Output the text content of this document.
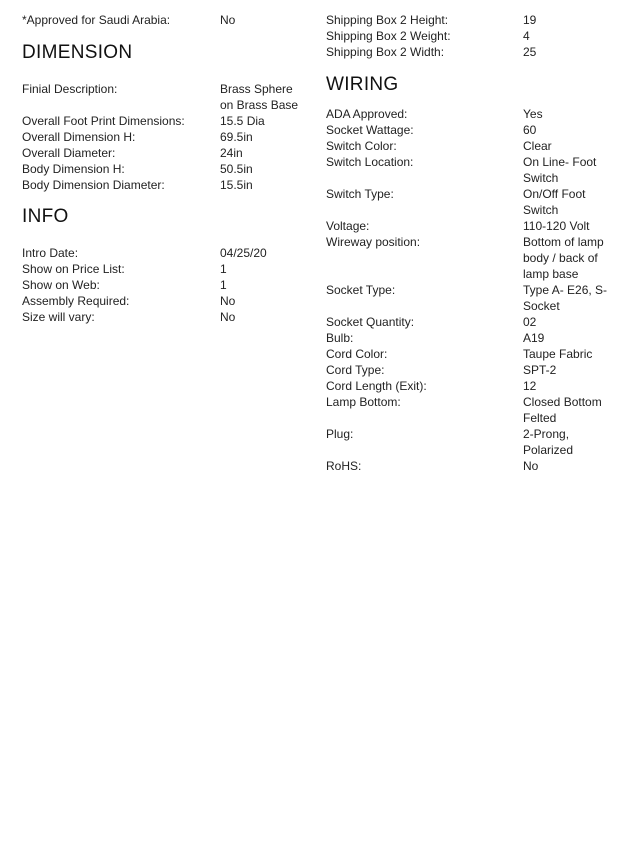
*Approved for Saudi Arabia:	No
DIMENSION
Finial Description:	Brass Sphere on Brass Base
Overall Foot Print Dimensions:	15.5 Dia
Overall Dimension H:	69.5in
Overall Diameter:	24in
Body Dimension H:	50.5in
Body Dimension Diameter:	15.5in
INFO
Intro Date:	04/25/20
Show on Price List:	1
Show on Web:	1
Assembly Required:	No
Size will vary:	No
Shipping Box 2 Height:	19
Shipping Box 2 Weight:	4
Shipping Box 2 Width:	25
WIRING
ADA Approved:	Yes
Socket Wattage:	60
Switch Color:	Clear
Switch Location:	On Line- Foot Switch
Switch Type:	On/Off Foot Switch
Voltage:	110-120 Volt
Wireway position:	Bottom of lamp body / back of lamp base
Socket Type:	Type A- E26, S-Socket
Socket Quantity:	02
Bulb:	A19
Cord Color:	Taupe Fabric
Cord Type:	SPT-2
Cord Length (Exit):	12
Lamp Bottom:	Closed Bottom Felted
Plug:	2-Prong, Polarized
RoHS:	No
